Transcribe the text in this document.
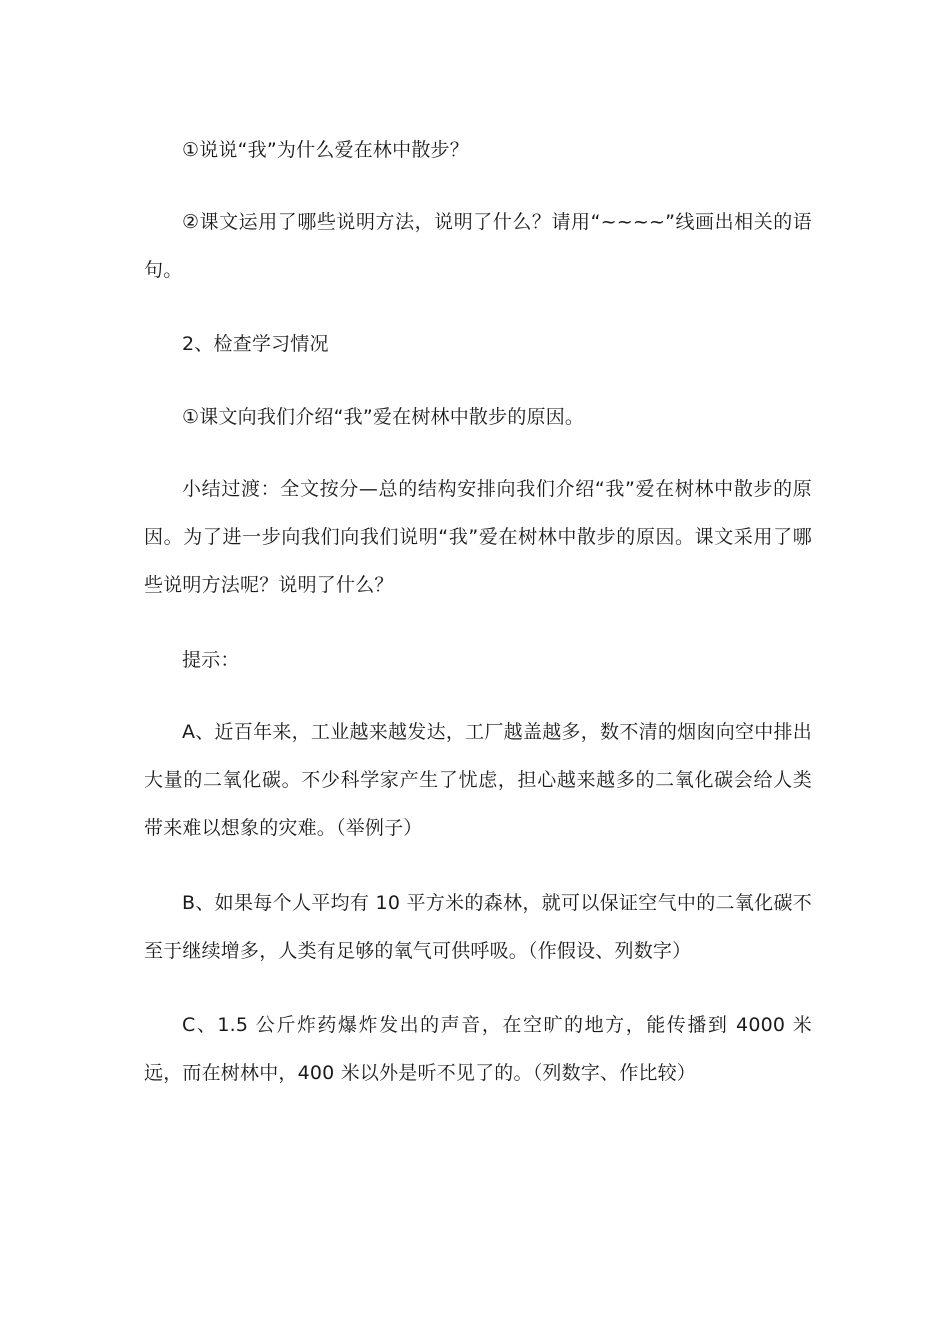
①说说“我”为什么爱在林中散步？

②课文运用了哪些说明方法，说明了什么？请用“~~~~”线画出相关的语句。

2、检查学习情况

①课文向我们介绍“我”爱在树林中散步的原因。

小结过渡：全文按分—总的结构安排向我们介绍“我”爱在树林中散步的原因。为了进一步向我们向我们说明“我”爱在树林中散步的原因。课文采用了哪些说明方法呢？说明了什么？

提示：

A、近百年来，工业越来越发达，工厂越盖越多，数不清的烟囱向空中排出大量的二氧化碳。不少科学家产生了忧虑，担心越来越多的二氧化碳会给人类带来难以想象的灾难。（举例子）

B、如果每个人平均有 10 平方米的森林，就可以保证空气中的二氧化碳不至于继续增多，人类有足够的氧气可供呼吸。（作假设、列数字）

C、1.5 公斤炸药爆炸发出的声音，在空旷的地方，能传播到 4000 米远，而在树林中，400 米以外是听不见了的。（列数字、作比较）
